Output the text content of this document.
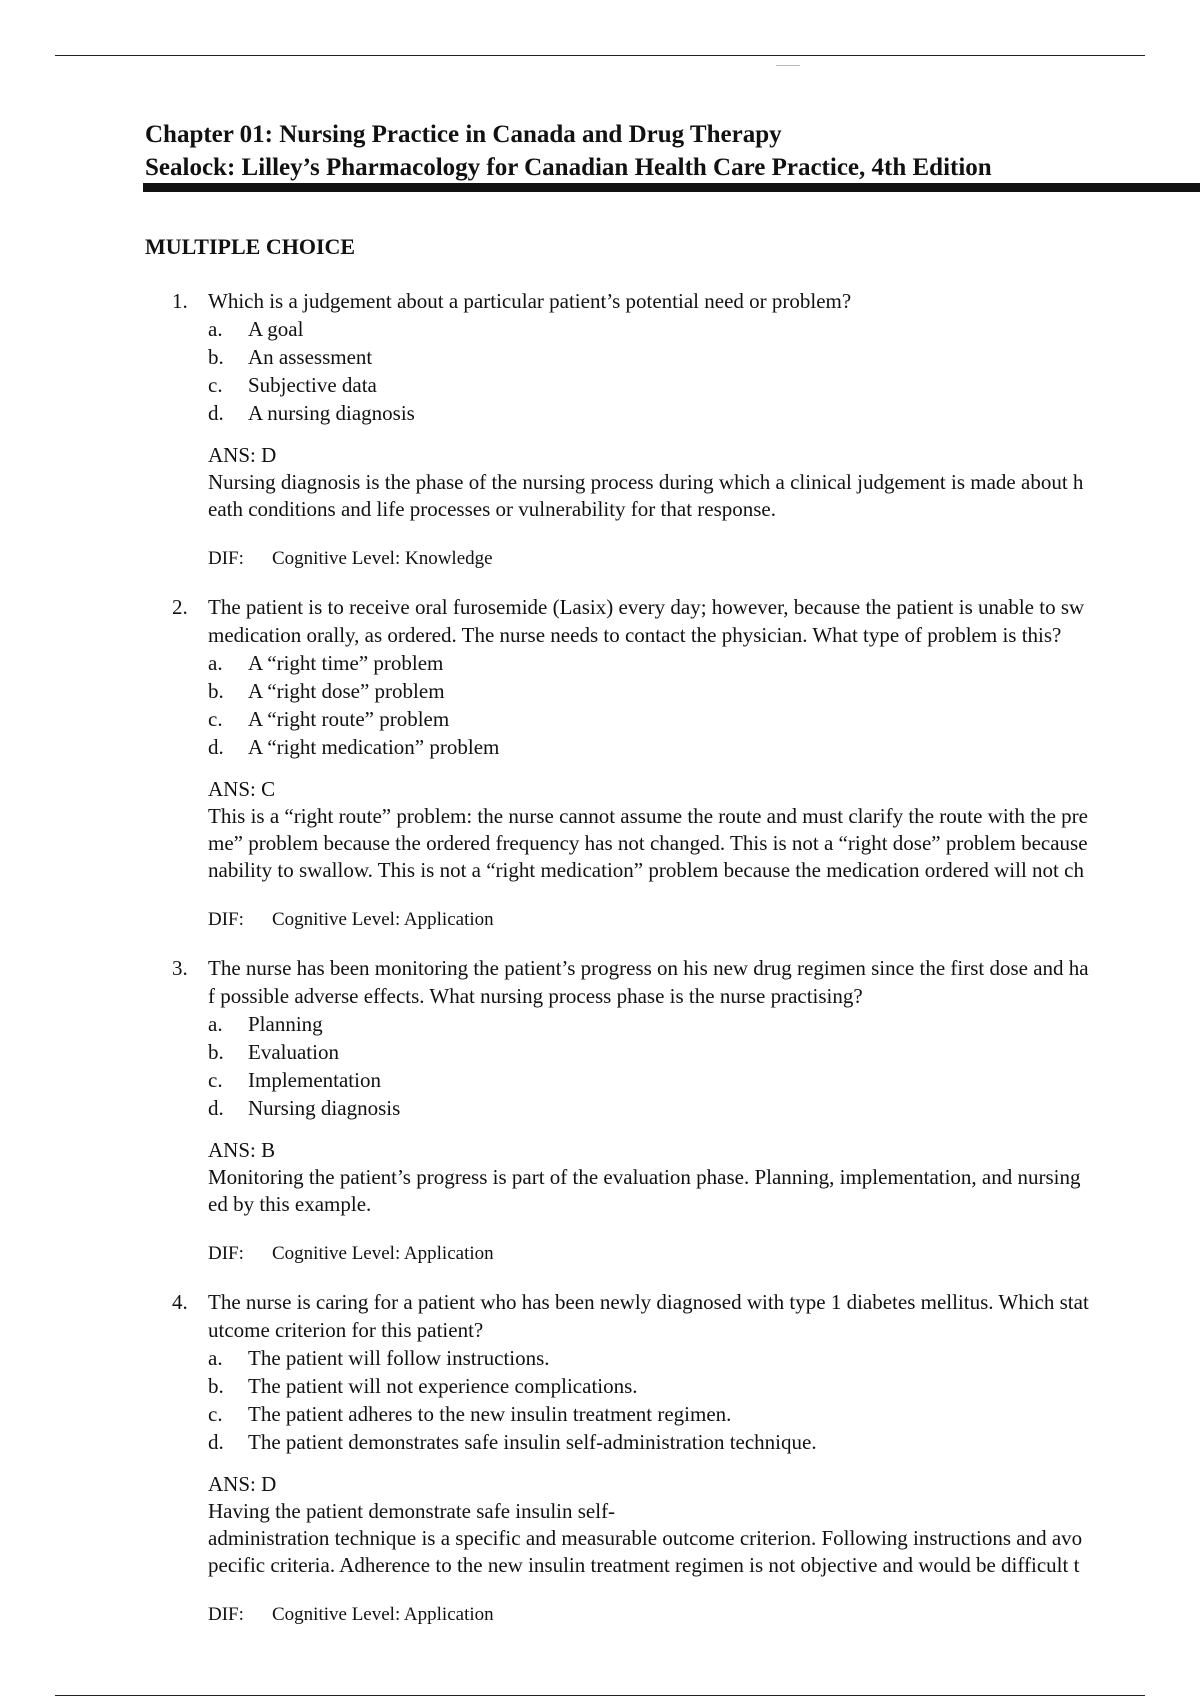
Chapter 01: Nursing Practice in Canada and Drug Therapy
Sealock: Lilley’s Pharmacology for Canadian Health Care Practice, 4th Edition
MULTIPLE CHOICE
1. Which is a judgement about a particular patient’s potential need or problem?
a. A goal
b. An assessment
c. Subjective data
d. A nursing diagnosis
ANS: D
Nursing diagnosis is the phase of the nursing process during which a clinical judgement is made about h
eath conditions and life processes or vulnerability for that response.
DIF: Cognitive Level: Knowledge
2. The patient is to receive oral furosemide (Lasix) every day; however, because the patient is unable to sw
medication orally, as ordered. The nurse needs to contact the physician. What type of problem is this?
a. A “right time” problem
b. A “right dose” problem
c. A “right route” problem
d. A “right medication” problem
ANS: C
This is a “right route” problem: the nurse cannot assume the route and must clarify the route with the pre
me” problem because the ordered frequency has not changed. This is not a “right dose” problem because
nability to swallow. This is not a “right medication” problem because the medication ordered will not ch
DIF: Cognitive Level: Application
3. The nurse has been monitoring the patient’s progress on his new drug regimen since the first dose and ha
f possible adverse effects. What nursing process phase is the nurse practising?
a. Planning
b. Evaluation
c. Implementation
d. Nursing diagnosis
ANS: B
Monitoring the patient’s progress is part of the evaluation phase. Planning, implementation, and nursing
ed by this example.
DIF: Cognitive Level: Application
4. The nurse is caring for a patient who has been newly diagnosed with type 1 diabetes mellitus. Which stat
utcome criterion for this patient?
a. The patient will follow instructions.
b. The patient will not experience complications.
c. The patient adheres to the new insulin treatment regimen.
d. The patient demonstrates safe insulin self-administration technique.
ANS: D
Having the patient demonstrate safe insulin self-
administration technique is a specific and measurable outcome criterion. Following instructions and avo
pecific criteria. Adherence to the new insulin treatment regimen is not objective and would be difficult t
DIF: Cognitive Level: Application
